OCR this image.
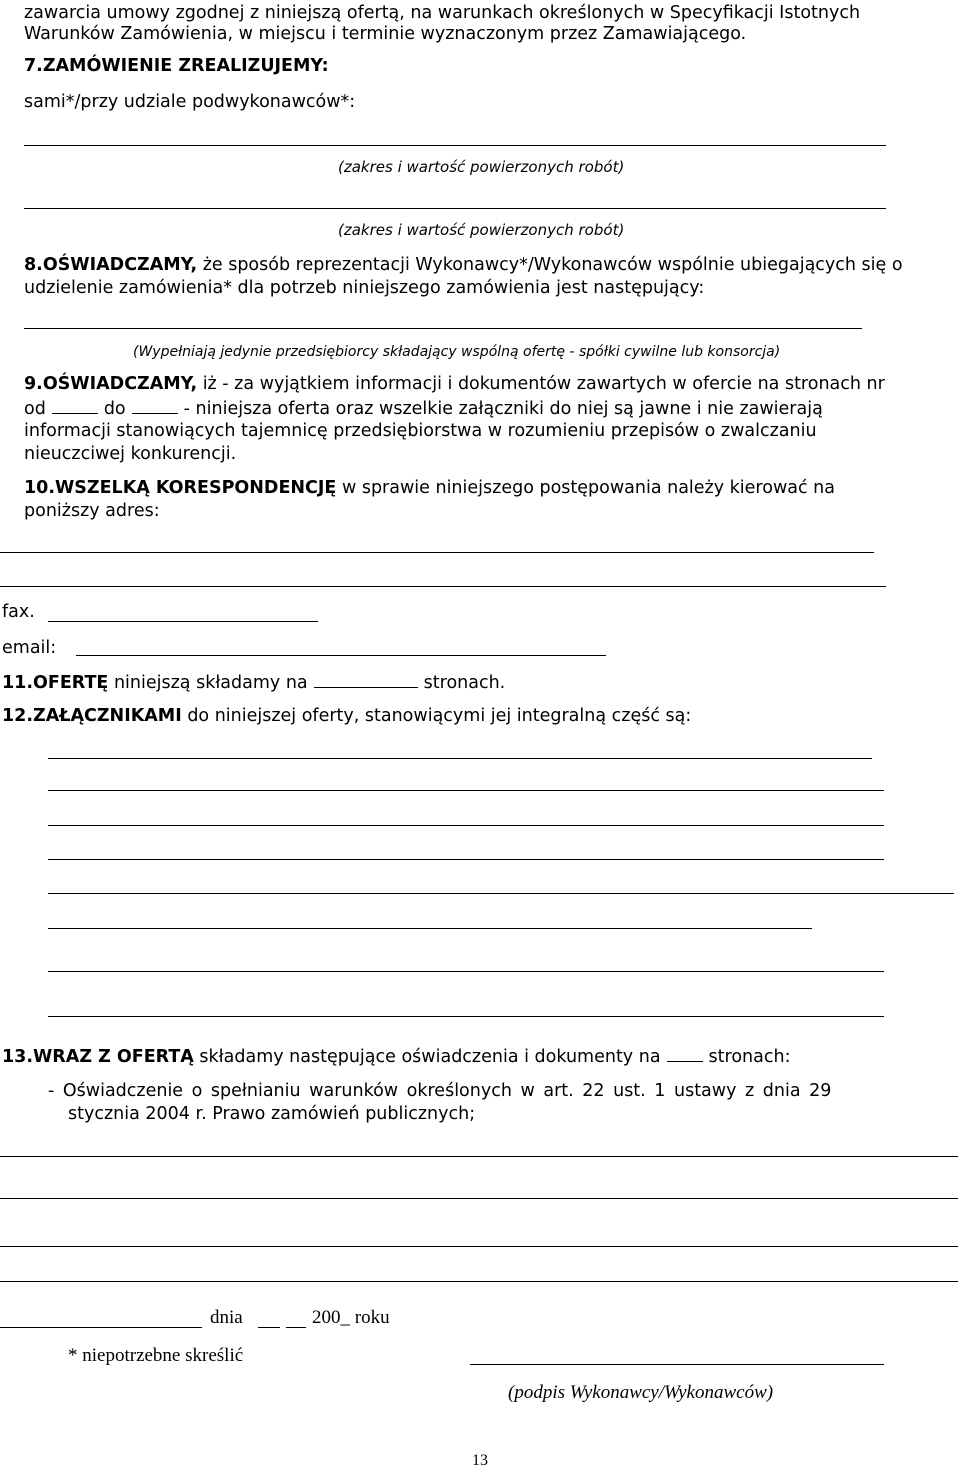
zawarcia umowy zgodnej z niniejszą ofertą, na warunkach określonych w Specyfikacji Istotnych
Warunków Zamówienia, w miejscu i terminie wyznaczonym przez Zamawiającego.
7.ZAMÓWIENIE ZREALIZUJEMY:
sami*/przy udziale podwykonawców*:
(zakres i wartość powierzonych robót)
(zakres i wartość powierzonych robót)
8.OŚWIADCZAMY, że sposób reprezentacji Wykonawcy*/Wykonawców wspólnie ubiegających się o
udzielenie zamówienia* dla potrzeb niniejszego zamówienia jest następujący:
(Wypełniają jedynie przedsiębiorcy składający wspólną ofertę - spółki cywilne lub konsorcja)
9.OŚWIADCZAMY, iż - za wyjątkiem informacji i dokumentów zawartych w ofercie na stronach nr
od	do	- niniejsza oferta oraz wszelkie załączniki do niej są jawne i nie zawierają
informacji stanowiących tajemnicę przedsiębiorstwa w rozumieniu przepisów o zwalczaniu
nieuczciwej konkurencji.
10.WSZELKĄ KORESPONDENCJĘ w sprawie niniejszego postępowania należy kierować na
poniższy adres:
fax.
email:
11.OFERTĘ niniejszą składamy na	stronach.
12.ZAŁĄCZNIKAMI do niniejszej oferty, stanowiącymi jej integralną część są:
13.WRAZ Z OFERTĄ składamy następujące oświadczenia i dokumenty na	stronach:
- Oświadczenie o spełnianiu warunków określonych w art. 22 ust. 1 ustawy z dnia 29
stycznia 2004 r. Prawo zamówień publicznych;
dnia	200_ roku
* niepotrzebne skreślić
(podpis Wykonawcy/Wykonawców)
13
